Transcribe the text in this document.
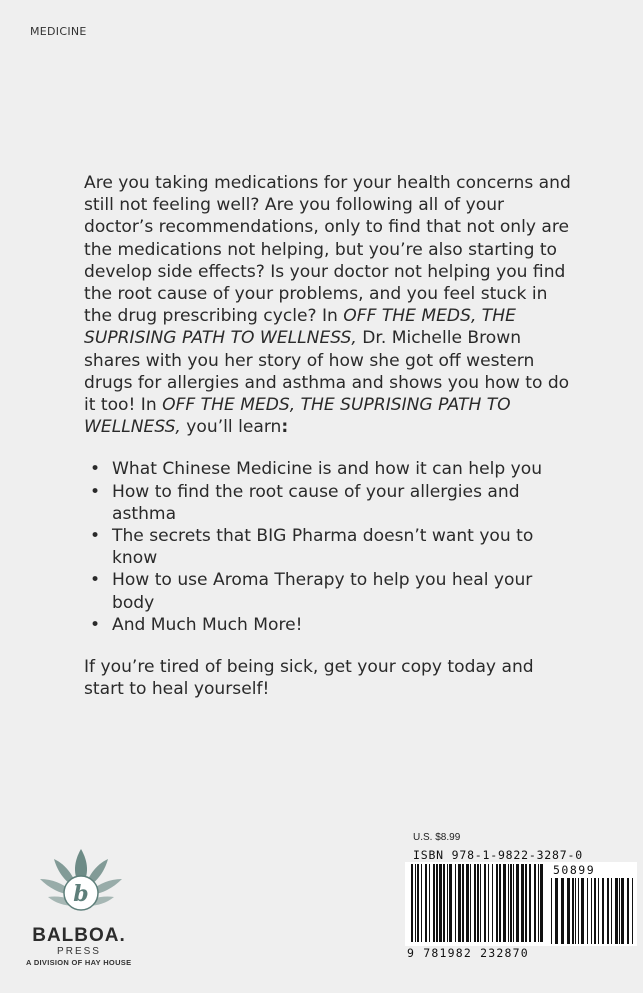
MEDICINE

Are you taking medications for your health concerns and still not feeling well? Are you following all of your doctor’s recommendations, only to find that not only are the medications not helping, but you’re also starting to develop side effects? Is your doctor not helping you find the root cause of your problems, and you feel stuck in the drug prescribing cycle? In OFF THE MEDS, THE SUPRISING PATH TO WELLNESS, Dr. Michelle Brown shares with you her story of how she got off western drugs for allergies and asthma and shows you how to do it too! In OFF THE MEDS, THE SUPRISING PATH TO WELLNESS, you’ll learn:

• What Chinese Medicine is and how it can help you
• How to find the root cause of your allergies and asthma
• The secrets that BIG Pharma doesn’t want you to know
• How to use Aroma Therapy to help you heal your body
• And Much Much More!

If you’re tired of being sick, get your copy today and start to heal yourself!

b
BALBOA.
PRESS
A DIVISION OF HAY HOUSE
U.S. $8.99
ISBN 978-1-9822-3287-0
9 781982 232870
50899
